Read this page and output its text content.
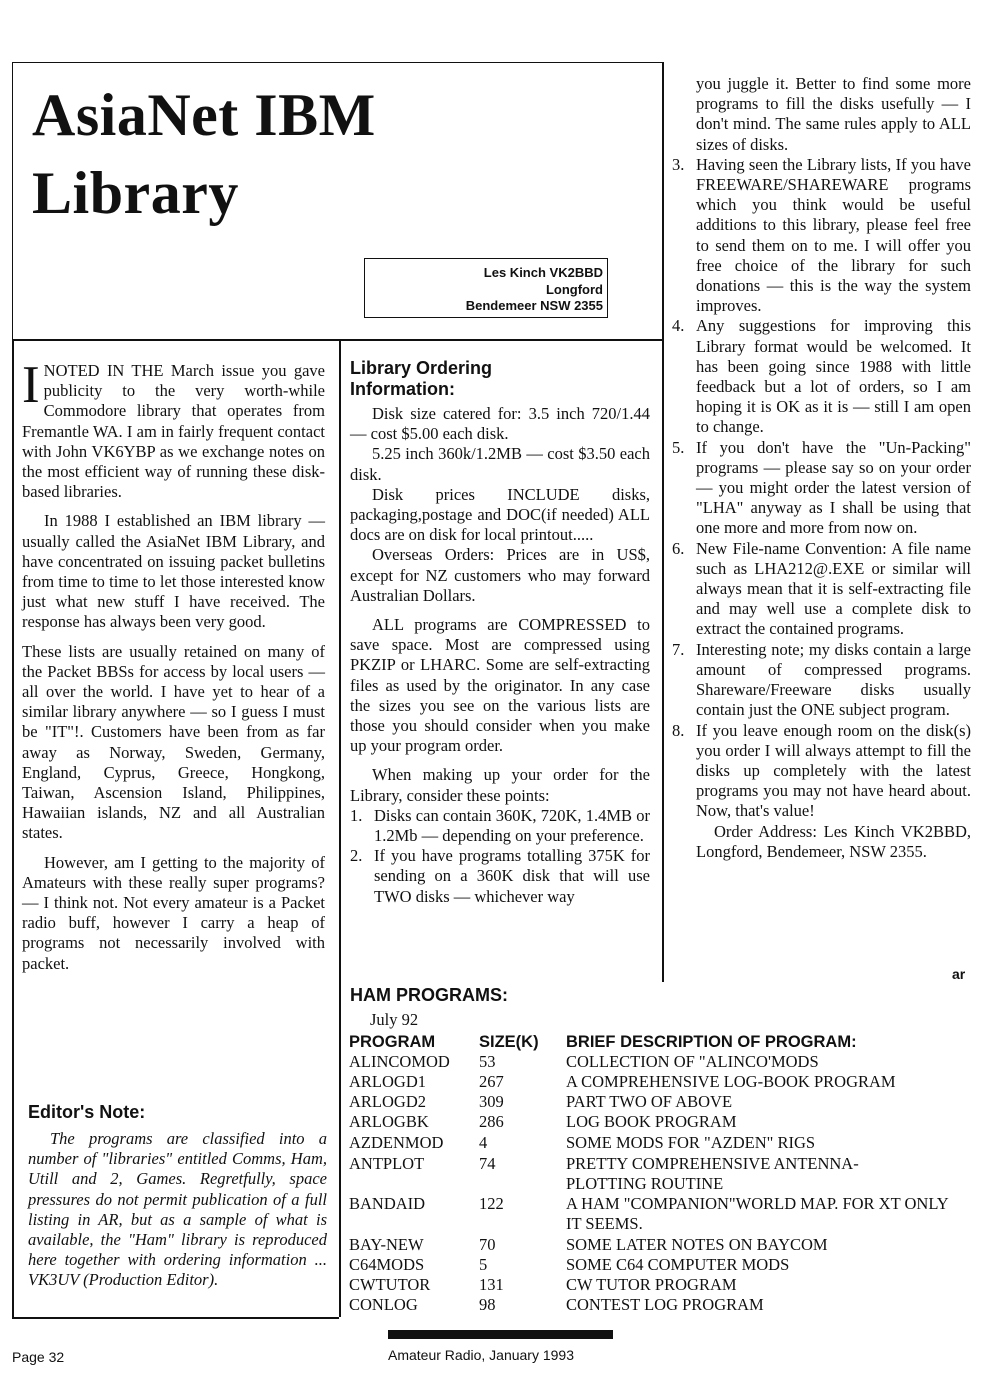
AsiaNet IBM
Library
Les Kinch VK2BBD
Longford
Bendemeer NSW 2355

INOTED IN THE March issue you gave publicity to the very worth-while Commodore library that operates from Fremantle WA. I am in fairly frequent contact with John VK6YBP as we exchange notes on the most efficient way of running these disk-based libraries.

In 1988 I established an IBM library — usually called the AsiaNet IBM Library, and have concentrated on issuing packet bulletins from time to time to let those interested know just what new stuff I have received. The response has always been very good.

These lists are usually retained on many of the Packet BBSs for access by local users — all over the world. I have yet to hear of a similar library anywhere — so I guess I must be "IT"!. Customers have been from as far away as Norway, Sweden, Germany, England, Cyprus, Greece, Hongkong, Taiwan, Ascension Island, Philippines, Hawaiian islands, NZ and all Australian states.

However, am I getting to the majority of Amateurs with these really super programs? — I think not. Not every amateur is a Packet radio buff, however I carry a heap of programs not necessarily involved with packet.

Editor's Note:

The programs are classified into a number of "libraries" entitled Comms, Ham, Utill and 2, Games. Regretfully, space pressures do not permit publication of a full listing in AR, but as a sample of what is available, the "Ham" library is reproduced here together with ordering information ... VK3UV (Production Editor).

Library Ordering
Information:

Disk size catered for: 3.5 inch 720/1.44 — cost $5.00 each disk.

5.25 inch 360k/1.2MB — cost $3.50 each disk.

Disk prices INCLUDE disks, packaging,postage and DOC(if needed) ALL docs are on disk for local printout.....

Overseas Orders: Prices are in US$, except for NZ customers who may forward Australian Dollars.

ALL programs are COMPRESSED to save space. Most are compressed using PKZIP or LHARC. Some are self-extracting files as used by the originator. In any case the sizes you see on the various lists are those you should consider when you make up your program order.

When making up your order for the Library, consider these points:

1. Disks can contain 360K, 720K, 1.4MB or 1.2Mb — depending on your preference.
2. If you have programs totalling 375K for sending on a 360K disk that will use TWO disks — whichever way

you juggle it. Better to find some more programs to fill the disks usefully — I don't mind. The same rules apply to ALL sizes of disks.

3. Having seen the Library lists, If you have FREEWARE/SHAREWARE programs which you think would be useful additions to this library, please feel free to send them on to me. I will offer you free choice of the library for such donations — this is the way the system improves.
4. Any suggestions for improving this Library format would be welcomed. It has been going since 1988 with little feedback but a lot of orders, so I am hoping it is OK as it is — still I am open to change.
5. If you don't have the "Un-Packing" programs — please say so on your order — you might order the latest version of "LHA" anyway as I shall be using that one more and more from now on.
6. New File-name Convention: A file name such as LHA212@.EXE or similar will always mean that it is self-extracting file and may well use a complete disk to extract the contained programs.
7. Interesting note; my disks contain a large amount of compressed programs. Shareware/Freeware disks usually contain just the ONE subject program.
8. If you leave enough room on the disk(s) you order I will always attempt to fill the disks up completely with the latest programs you may not have heard about. Now, that's value!

Order Address: Les Kinch VK2BBD, Longford, Bendemeer, NSW 2355.

ar
HAM PROGRAMS:
July 92
PROGRAM	SIZE(K) BRIEF DESCRIPTION OF PROGRAM:
ALINCOMOD 53	COLLECTION OF "ALINCO'MODS
ARLOGD1	267	A COMPREHENSIVE LOG-BOOK PROGRAM
ARLOGD2	309	PART TWO OF ABOVE
ARLOGBK	286	LOG BOOK PROGRAM
AZDENMOD 4	SOME MODS FOR "AZDEN" RIGS
ANTPLOT	74	PRETTY COMPREHENSIVE ANTENNA-PLOTTING ROUTINE
BANDAID	122	A HAM "COMPANION"WORLD MAP. FOR XT ONLY IT SEEMS.
BAY-NEW	70	SOME LATER NOTES ON BAYCOM
C64MODS	5	SOME C64 COMPUTER MODS
CWTUTOR	131	CW TUTOR PROGRAM
CONLOG	98	CONTEST LOG PROGRAM
Page 32	Amateur Radio, January 1993
